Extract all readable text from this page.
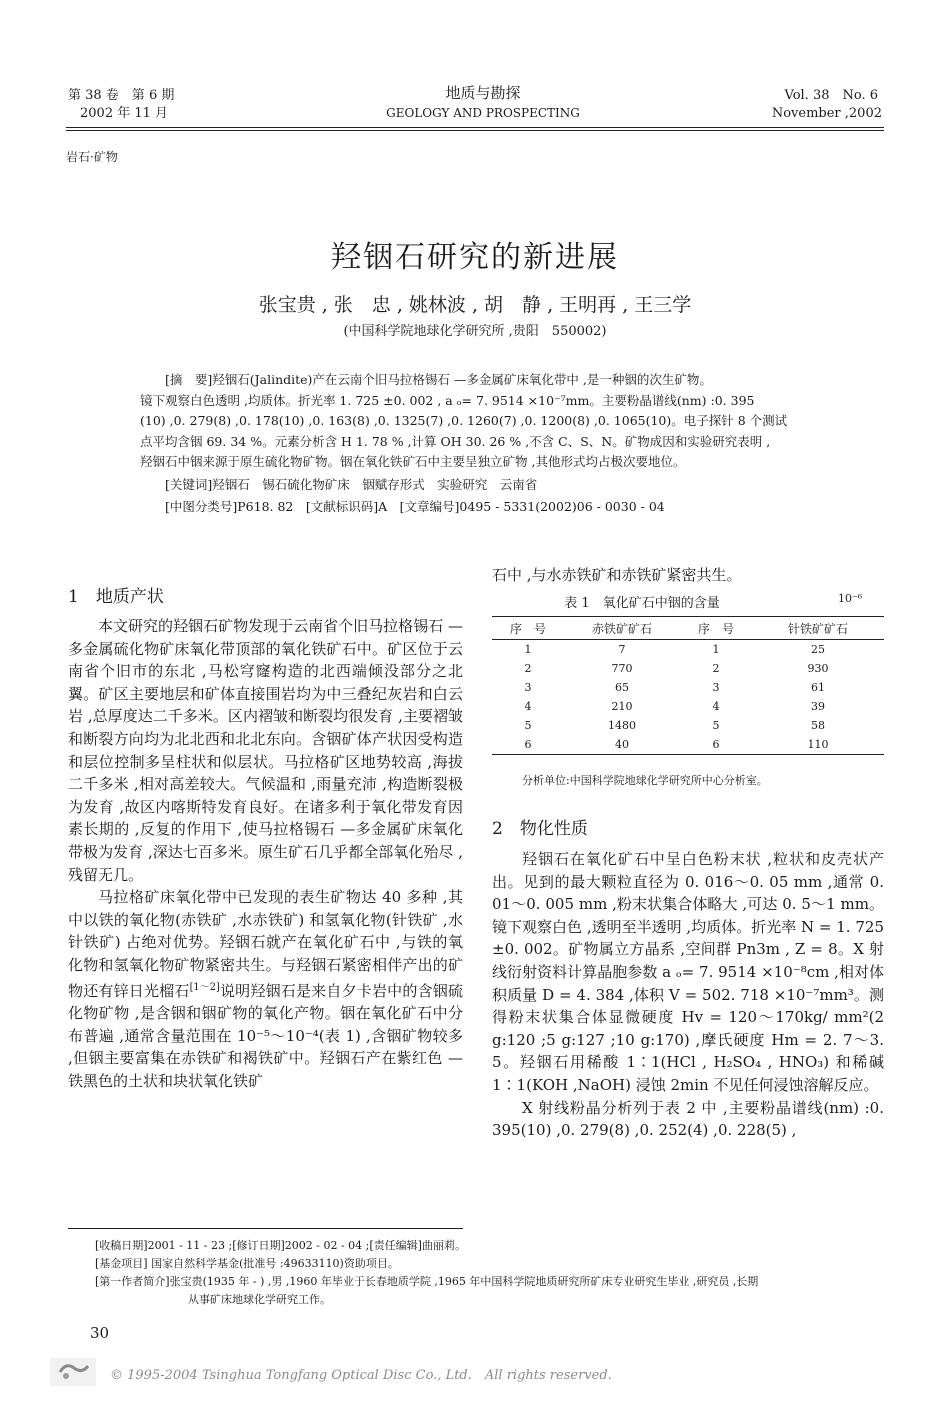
第 38 卷　第 6 期
2002 年 11 月
地质与勘探
GEOLOGY AND PROSPECTING
Vol. 38　No. 6
November ,2002
岩石·矿物
羟铟石研究的新进展
张宝贵 , 张　忠 , 姚林波 , 胡　静 , 王明再 , 王三学
(中国科学院地球化学研究所 ,贵阳　550002)

[摘　要]羟铟石(Jalindite)产在云南个旧马拉格锡石 —多金属矿床氧化带中 ,是一种铟的次生矿物。

镜下观察白色透明 ,均质体。折光率 1. 725 ±0. 002 , a ₒ= 7. 9514 ×10⁻⁷mm。主要粉晶谱线(nm) :0. 395

(10) ,0. 279(8) ,0. 178(10) ,0. 163(8) ,0. 1325(7) ,0. 1260(7) ,0. 1200(8) ,0. 1065(10)。电子探针 8 个测试

点平均含铟 69. 34 %。元素分析含 H 1. 78 % ,计算 OH 30. 26 % ,不含 C、S、N。矿物成因和实验研究表明 ,

羟铟石中铟来源于原生硫化物矿物。铟在氧化铁矿石中主要呈独立矿物 ,其他形式均占极次要地位。

[关键词]羟铟石　锡石硫化物矿床　铟赋存形式　实验研究　云南省

[中图分类号]P618. 82　[文献标识码]A　[文章编号]0495 - 5331(2002)06 - 0030 - 04

1　地质产状

本文研究的羟铟石矿物发现于云南省个旧马拉格锡石 —多金属硫化物矿床氧化带顶部的氧化铁矿石中。矿区位于云南省个旧市的东北 ,马松穹窿构造的北西端倾没部分之北翼。矿区主要地层和矿体直接围岩均为中三叠纪灰岩和白云岩 ,总厚度达二千多米。区内褶皱和断裂均很发育 ,主要褶皱和断裂方向均为北北西和北北东向。含铟矿体产状因受构造和层位控制多呈柱状和似层状。马拉格矿区地势较高 ,海拔二千多米 ,相对高差较大。气候温和 ,雨量充沛 ,构造断裂极为发育 ,故区内喀斯特发育良好。在诸多利于氧化带发育因素长期的 ,反复的作用下 ,使马拉格锡石 —多金属矿床氧化带极为发育 ,深达七百多米。原生矿石几乎都全部氧化殆尽 ,残留无几。

马拉格矿床氧化带中已发现的表生矿物达 40 多种 ,其中以铁的氧化物(赤铁矿 ,水赤铁矿) 和氢氧化物(针铁矿 ,水针铁矿) 占绝对优势。羟铟石就产在氧化矿石中 ,与铁的氧化物和氢氧化物矿物紧密共生。与羟铟石紧密相伴产出的矿物还有锌日光榴石[1～2]说明羟铟石是来自夕卡岩中的含铟硫化物矿物 ,是含铟和铟矿物的氧化产物。铟在氧化矿石中分布普遍 ,通常含量范围在 10⁻⁵～10⁻⁴(表 1) ,含铟矿物较多 ,但铟主要富集在赤铁矿和褐铁矿中。羟铟石产在紫红色 —铁黑色的土状和块状氧化铁矿

石中 ,与水赤铁矿和赤铁矿紧密共生。
表 1　氧化矿石中铟的含量	10⁻⁶
序　号	赤铁矿矿石	序　号	针铁矿矿石
1	7	1	25
2	770	2	930
3	65	3	61
4	210	4	39
5	1480	5	58
6	40	6	110
分析单位:中国科学院地球化学研究所中心分析室。
2　物化性质

羟铟石在氧化矿石中呈白色粉末状 ,粒状和皮壳状产出。见到的最大颗粒直径为 0. 016～0. 05 mm ,通常 0. 01～0. 005 mm ,粉末状集合体略大 ,可达 0. 5～1 mm。镜下观察白色 ,透明至半透明 ,均质体。折光率 N = 1. 725 ±0. 002。矿物属立方晶系 ,空间群 Pn3m , Z = 8。X 射线衍射资料计算晶胞参数 a ₒ= 7. 9514 ×10⁻⁸cm ,相对体积质量 D = 4. 384 ,体积 V = 502. 718 ×10⁻⁷mm³。测得粉末状集合体显微硬度 Hv = 120～170kg/ mm²(2 g:120 ;5 g:127 ;10 g:170) ,摩氏硬度 Hm = 2. 7～3. 5。羟铟石用稀酸 1∶1(HCl , H₂SO₄ , HNO₃) 和稀碱 1∶1(KOH ,NaOH) 浸蚀 2min 不见任何浸蚀溶解反应。

X 射线粉晶分析列于表 2 中 ,主要粉晶谱线(nm) :0. 395(10) ,0. 279(8) ,0. 252(4) ,0. 228(5) ,

[收稿日期]2001 - 11 - 23 ;[修订日期]2002 - 02 - 04 ;[责任编辑]曲丽莉。
[基金项目] 国家自然科学基金(批准号 :49633110)资助项目。
[第一作者简介]张宝贵(1935 年 - ) ,男 ,1960 年毕业于长春地质学院 ,1965 年中国科学院地质研究所矿床专业研究生毕业 ,研究员 ,长期
从事矿床地球化学研究工作。
30
© 1995-2004 Tsinghua Tongfang Optical Disc Co., Ltd.　All rights reserved.
